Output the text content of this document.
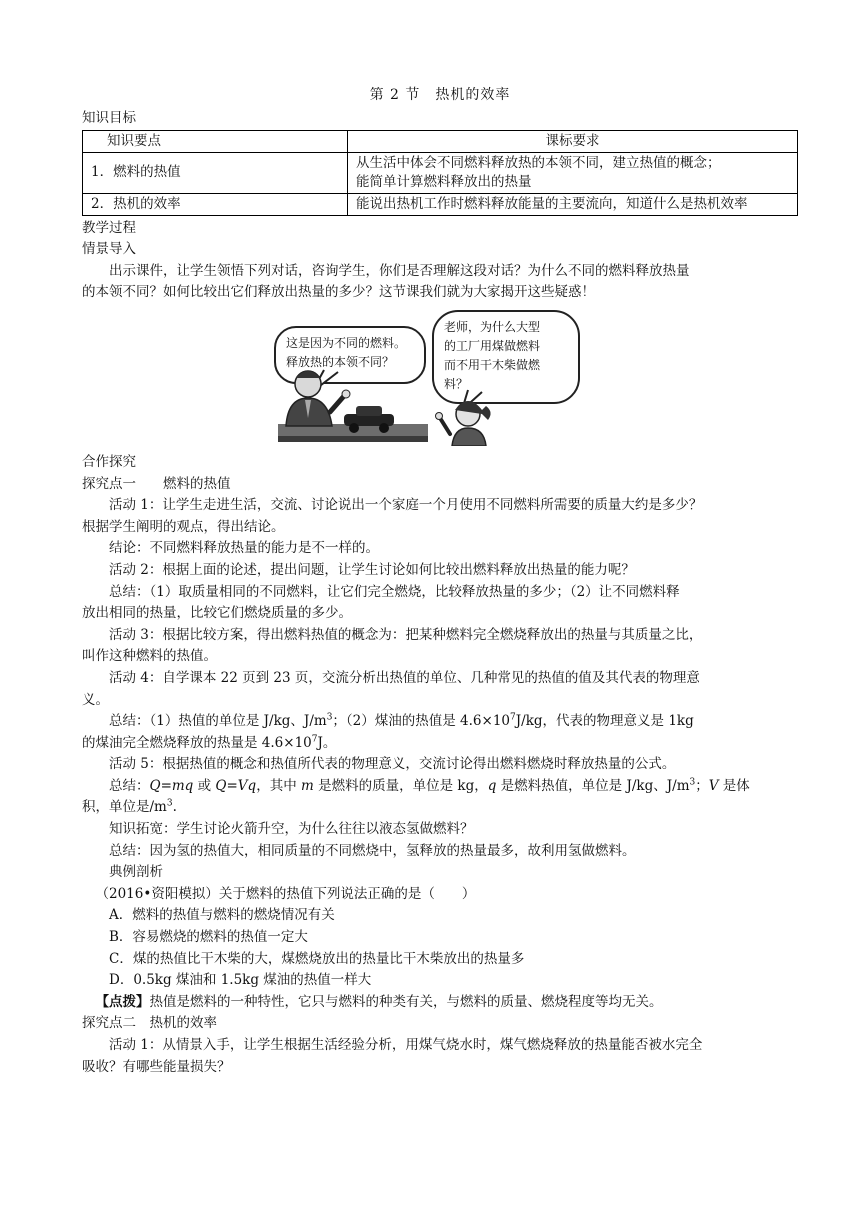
第 2 节　热机的效率

知识目标

知识要点	课标要求
1．燃料的热值	从生活中体会不同燃料释放热的本领不同，建立热值的概念；
能简单计算燃料释放出的热量

2．热机的效率	能说出热机工作时燃料释放能量的主要流向，知道什么是热机效率

教学过程

情景导入

出示课件，让学生领悟下列对话，咨询学生，你们是否理解这段对话？为什么不同的燃料释放热量

的本领不同？如何比较出它们释放出热量的多少？这节课我们就为大家揭开这些疑惑！

这是因为不同的燃料。
释放热的本领不同？
老师，为什么大型
的工厂用煤做燃料
而不用干木柴做燃
料？

合作探究

探究点一　　燃料的热值

活动 1：让学生走进生活，交流、讨论说出一个家庭一个月使用不同燃料所需要的质量大约是多少？

根据学生阐明的观点，得出结论。

结论：不同燃料释放热量的能力是不一样的。

活动 2：根据上面的论述，提出问题，让学生讨论如何比较出燃料释放出热量的能力呢？

总结：（1）取质量相同的不同燃料，让它们完全燃烧，比较释放热量的多少；（2）让不同燃料释

放出相同的热量，比较它们燃烧质量的多少。

活动 3：根据比较方案，得出燃料热值的概念为：把某种燃料完全燃烧释放出的热量与其质量之比，

叫作这种燃料的热值。

活动 4：自学课本 22 页到 23 页，交流分析出热值的单位、几种常见的热值的值及其代表的物理意

义。

总结：（1）热值的单位是 J/kg、$J/m^3$；（2）煤油的热值是 $4.6\times 10^7J/kg$，代表的物理意义是 1kg

的煤油完全燃烧释放的热量是 $4.6\times 10^7J$。

活动 5：根据热值的概念和热值所代表的物理意义，交流讨论得出燃料燃烧时释放热量的公式。

总结：Q=mq 或 Q=Vq，其中 m 是燃料的质量，单位是 kg，q 是燃料热值，单位是 J/kg、$J/m^3$；V 是体

积，单位是$/m^3$.

知识拓宽：学生讨论火箭升空，为什么往往以液态氢做燃料？

总结：因为氢的热值大，相同质量的不同燃烧中，氢释放的热量最多，故利用氢做燃料。

典例剖析

（2016•资阳模拟）关于燃料的热值下列说法正确的是（　　）

A．燃料的热值与燃料的燃烧情况有关

B．容易燃烧的燃料的热值一定大

C．煤的热值比干木柴的大，煤燃烧放出的热量比干木柴放出的热量多

D．0.5kg 煤油和 1.5kg 煤油的热值一样大

【点拨】热值是燃料的一种特性，它只与燃料的种类有关，与燃料的质量、燃烧程度等均无关。

探究点二　热机的效率

活动 1：从情景入手，让学生根据生活经验分析，用煤气烧水时，煤气燃烧释放的热量能否被水完全

吸收？有哪些能量损失？
